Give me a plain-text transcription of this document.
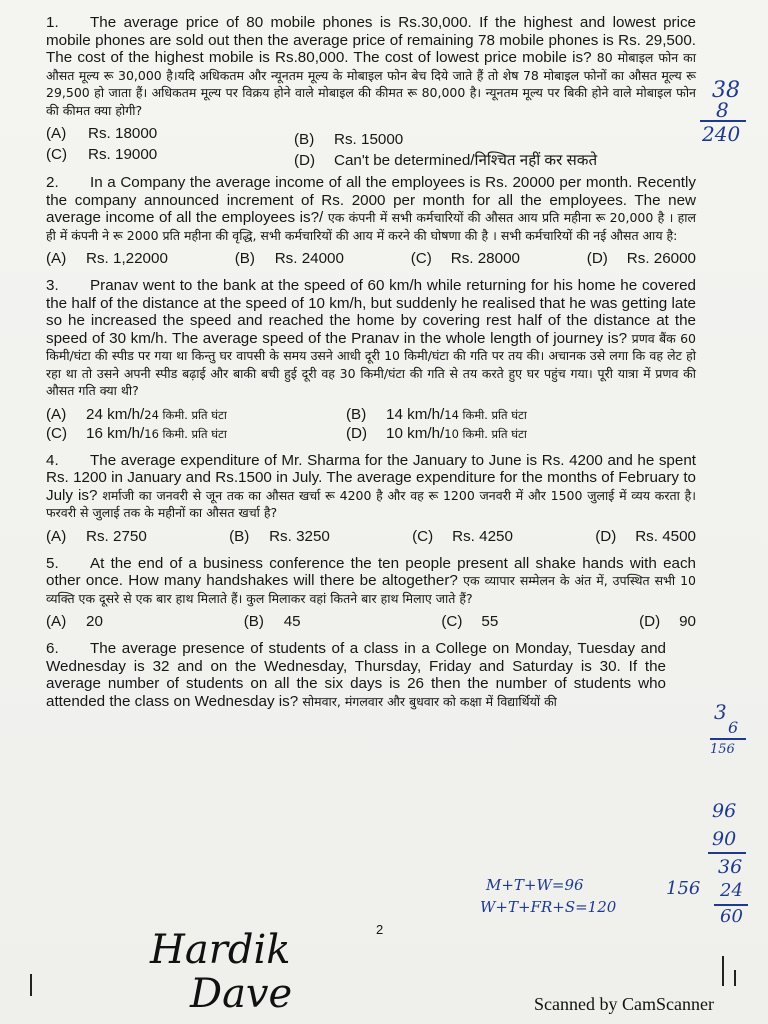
1. The average price of 80 mobile phones is Rs.30,000. If the highest and lowest price mobile phones are sold out then the average price of remaining 78 mobile phones is Rs. 29,500. The cost of the highest mobile is Rs.80,000. The cost of lowest price mobile is? 80 मोबाइल फोन का औसत मूल्य रू 30,000 है।यदि अधिकतम और न्यूनतम मूल्य के मोबाइल फोन बेच दिये जाते हैं तो शेष 78 मोबाइल फोनों का औसत मूल्य रू 29,500 हो जाता हैं। अधिकतम मूल्य पर विक्रय होने वाले मोबाइल की कीमत रू 80,000 है। न्यूनतम मूल्य पर बिकी होने वाले मोबाइल फोन की कीमत क्या होगी?

(A)	Rs. 18000	(B)	Rs. 15000
(C)	Rs. 19000	(D)	Can't be determined/निश्चित नहीं कर सकते

2. In a Company the average income of all the employees is Rs. 20000 per month. Recently the company announced increment of Rs. 2000 per month for all the employees. The new average income of all the employees is?/ एक कंपनी में सभी कर्मचारियों की औसत आय प्रति महीना रू 20,000 है । हाल ही में कंपनी ने रू 2000 प्रति महीना की वृद्धि, सभी कर्मचारियों की आय में करने की घोषणा की है । सभी कर्मचारियों की नई औसत आय है:

(A)	Rs. 1,22000	(B)	Rs. 24000	(C)	Rs. 28000	(D)	Rs. 26000

3. Pranav went to the bank at the speed of 60 km/h while returning for his home he covered the half of the distance at the speed of 10 km/h, but suddenly he realised that he was getting late so he increased the speed and reached the home by covering rest half of the distance at the speed of 30 km/h. The average speed of the Pranav in the whole length of journey is? प्रणव बैंक 60 किमी/घंटा की स्पीड पर गया था किन्तु घर वापसी के समय उसने आधी दूरी 10 किमी/घंटा की गति पर तय की। अचानक उसे लगा कि वह लेट हो रहा था तो उसने अपनी स्पीड बढ़ाई और बाकी बची हुई दूरी वह 30 किमी/घंटा की गति से तय करते हुए घर पहुंच गया। पूरी यात्रा में प्रणव की औसत गति क्या थी?

(A)	24 km/h/24 किमी. प्रति घंटा	(B)	14 km/h/14 किमी. प्रति घंटा
(C)	16 km/h/16 किमी. प्रति घंटा	(D)	10 km/h/10 किमी. प्रति घंटा

4. The average expenditure of Mr. Sharma for the January to June is Rs. 4200 and he spent Rs. 1200 in January and Rs.1500 in July. The average expenditure for the months of February to July is? शर्माजी का जनवरी से जून तक का औसत खर्चा रू 4200 है और वह रू 1200 जनवरी में और 1500 जुलाई में व्यय करता है। फरवरी से जुलाई तक के महीनों का औसत खर्चा है?

(A)	Rs. 2750	(B)	Rs. 3250	(C)	Rs. 4250	(D)	Rs. 4500

5. At the end of a business conference the ten people present all shake hands with each other once. How many handshakes will there be altogether? एक व्यापार सम्मेलन के अंत में, उपस्थित सभी 10 व्यक्ति एक दूसरे से एक बार हाथ मिलाते हैं। कुल मिलाकर वहां कितने बार हाथ मिलाए जाते हैं?

(A)	20	(B)	45	(C)	55	(D)	90

6. The average presence of students of a class in a College on Monday, Tuesday and Wednesday is 32 and on the Wednesday, Thursday, Friday and Saturday is 30. If the average number of students on all the six days is 26 then the number of students who attended the class on Wednesday is? सोमवार, मंगलवार और बुधवार को कक्षा में विद्यार्थियों की

38
8
240
3
6
156
96
90
36
M+T+W=96
W+T+FR+S=120
156 24
60
2
Hardik
Dave	Scanned by CamScanner
